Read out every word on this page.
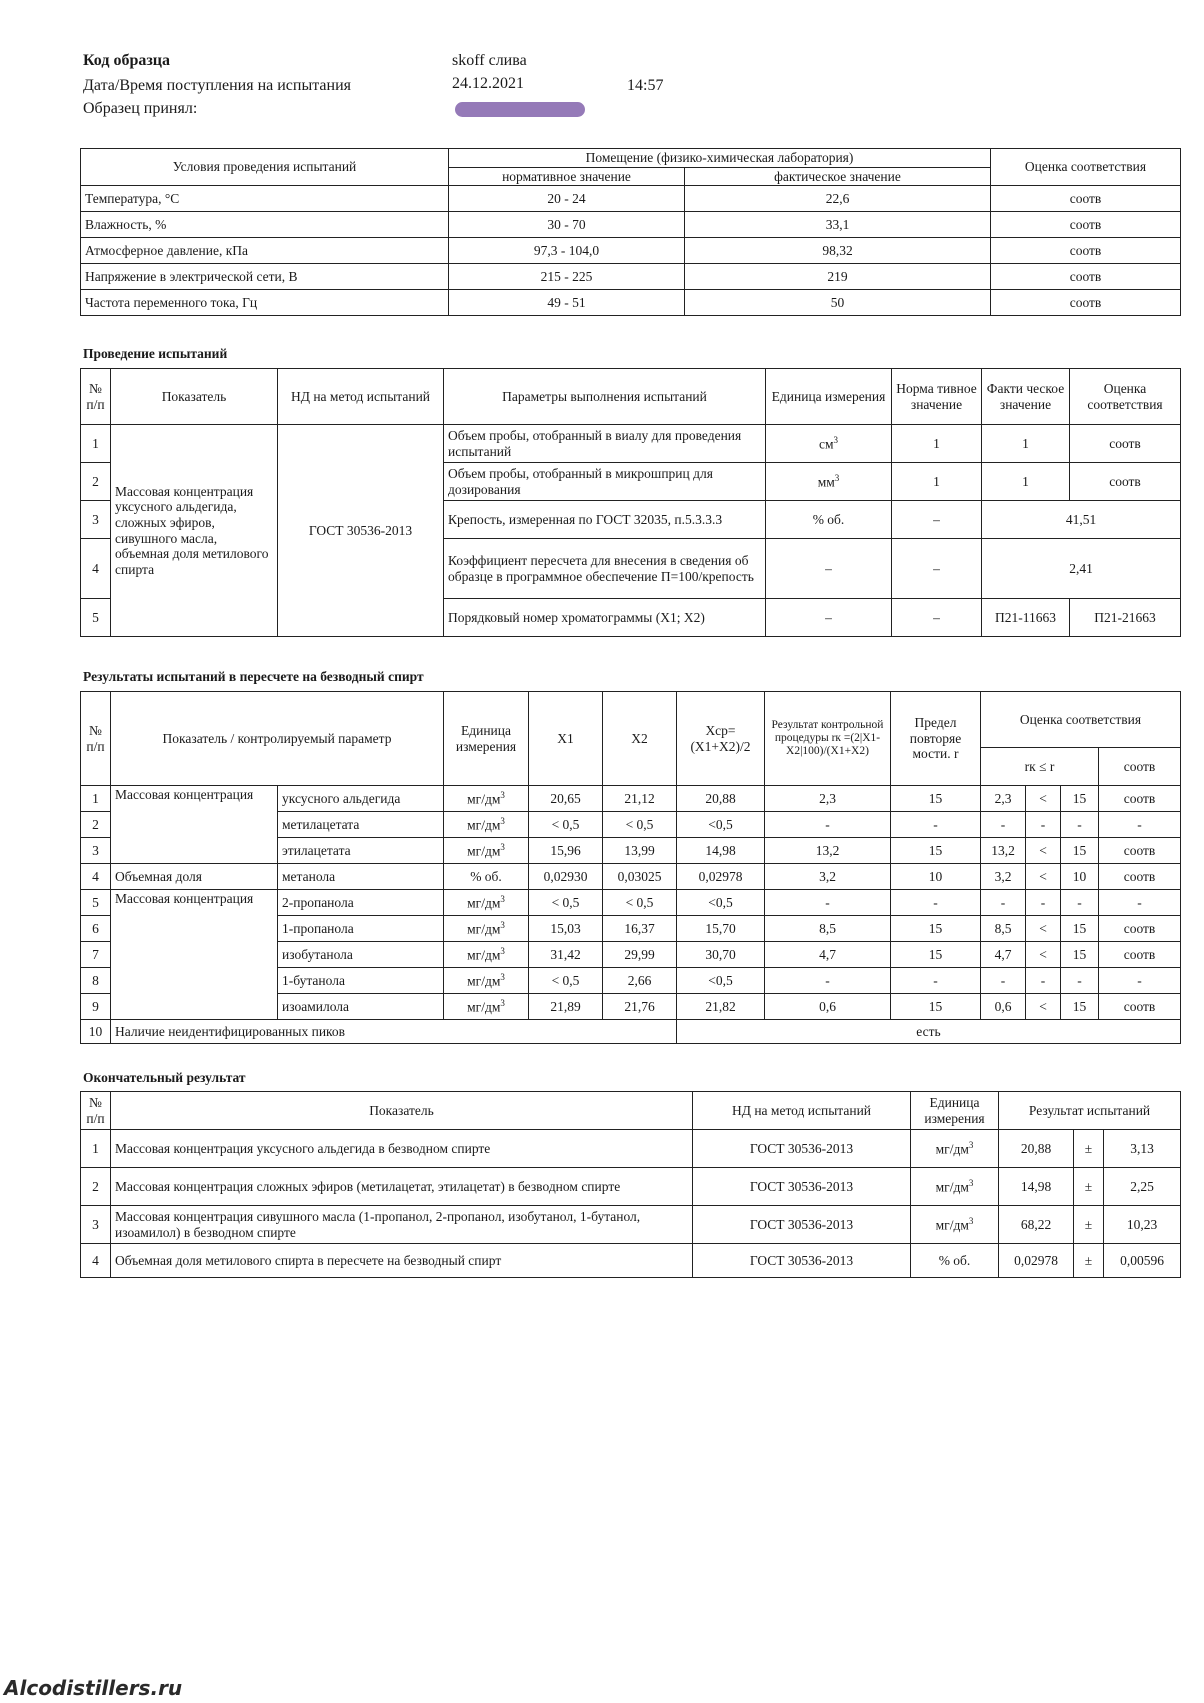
Код образца	skoff слива
Дата/Время поступления на испытания	24.12.2021	14:57
Образец принял:
Условия проведения испытаний	Помещение (физико-химическая лаборатория)		Оценка соответствия
	нормативное значение	фактическое значение	
Температура, °С	20 - 24	22,6	соотв
Влажность, %	30 - 70	33,1	соотв
Атмосферное давление, кПа	97,3 - 104,0	98,32	соотв
Напряжение в электрической сети, В	215 - 225	219	соотв
Частота переменного тока, Гц	49 - 51	50	соотв
Проведение испытаний
№ п/п	Показатель	НД на метод испытаний	Параметры выполнения испытаний	Единица измерения	Норма тивное значение	Факти ческое значение	Оценка соответствия
1	Массовая концентрация уксусного альдегида, сложных эфиров, сивушного масла, объемная доля метилового спирта	ГОСТ 30536-2013	Объем пробы, отобранный в виалу для проведения испытаний	$см^3$	1	1	соотв
2			Объем пробы, отобранный в микрошприц для дозирования	$мм^3$	1	1	соотв
3			Крепость, измеренная по ГОСТ 32035, п.5.3.3.3	% об.	–	41,51	
4			Коэффициент пересчета для внесения в сведения об образце в программное обеспечение П=100/крепость	–	–	2,41	
5			Порядковый номер хроматограммы (X1; X2)	–	–	П21-11663	П21-21663
Результаты испытаний в пересчете на безводный спирт
№ п/п	Показатель / контролируемый параметр		Единица измерения	X1	X2	Xср= (X1+X2)/2	Результат контрольной процедуры rк =(2|X1-X2|100)/(X1+X2)	Предел повторяе мости. r	Оценка соответствия			
									rк ≤ r			соотв
1	Массовая концентрация	уксусного альдегида	$мг/дм^3$	20,65	21,12	20,88	2,3	15	2,3	<	15	соотв
2		метилацетата	$мг/дм^3$	< 0,5	< 0,5	<0,5	-	-	-	-	-	-
3		этилацетата	$мг/дм^3$	15,96	13,99	14,98	13,2	15	13,2	<	15	соотв
4	Объемная доля	метанола	% об.	0,02930	0,03025	0,02978	3,2	10	3,2	<	10	соотв
5	Массовая концентрация	2-пропанола	$мг/дм^3$	< 0,5	< 0,5	<0,5	-	-	-	-	-	-
6		1-пропанола	$мг/дм^3$	15,03	16,37	15,70	8,5	15	8,5	<	15	соотв
7		изобутанола	$мг/дм^3$	31,42	29,99	30,70	4,7	15	4,7	<	15	соотв
8		1-бутанола	$мг/дм^3$	< 0,5	2,66	<0,5	-	-	-	-	-	-
9		изоамилола	$мг/дм^3$	21,89	21,76	21,82	0,6	15	0,6	<	15	соотв
10	Наличие неидентифицированных пиков					есть						
Окончательный результат
№ п/п	Показатель	НД на метод испытаний	Единица измерения	Результат испытаний		
1	Массовая концентрация уксусного альдегида в безводном спирте	ГОСТ 30536-2013	$мг/дм^3$	20,88	±	3,13
2	Массовая концентрация сложных эфиров (метилацетат, этилацетат) в безводном спирте	ГОСТ 30536-2013	$мг/дм^3$	14,98	±	2,25
3	Массовая концентрация сивушного масла (1-пропанол, 2-пропанол, изобутанол, 1-бутанол, изоамилол) в безводном спирте	ГОСТ 30536-2013	$мг/дм^3$	68,22	±	10,23
4	Объемная доля метилового спирта в пересчете на безводный спирт	ГОСТ 30536-2013	% об.	0,02978	±	0,00596
Alcodistillers.ru
